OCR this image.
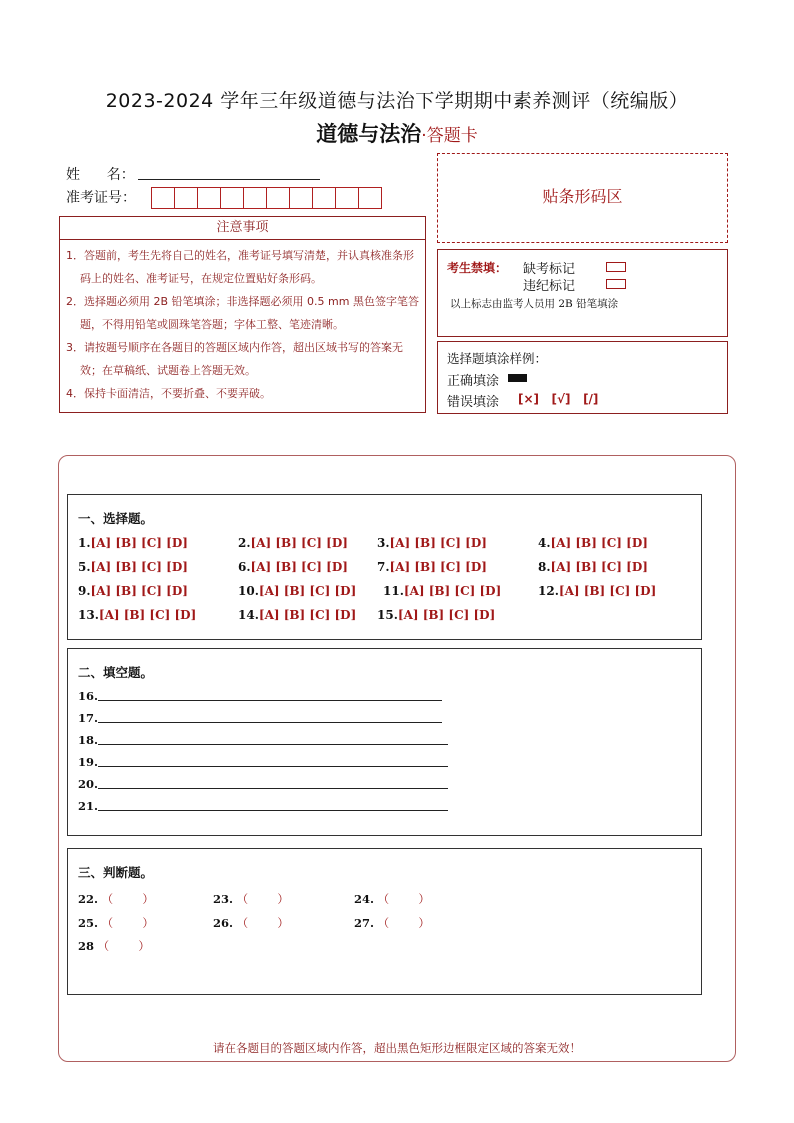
2023-2024 学年三年级道德与法治下学期期中素养测评（统编版）
道德与法治·答题卡
姓      名：
准考证号：
注意事项
1．答题前，考生先将自己的姓名，准考证号填写清楚，并认真核准条形码上的姓名、准考证号，在规定位置贴好条形码。
2．选择题必须用 2B 铅笔填涂；非选择题必须用 0.5 mm 黑色签字笔答题，不得用铅笔或圆珠笔答题；字体工整、笔迹清晰。
3．请按题号顺序在各题目的答题区域内作答，超出区域书写的答案无效；在草稿纸、试题卷上答题无效。
4．保持卡面清洁，不要折叠、不要弄破。
贴条形码区
考生禁填： 缺考标记
违纪标记
以上标志由监考人员用 2B 铅笔填涂
选择题填涂样例：
正确填涂
错误填涂 [×]   [√]   [/]
一、选择题。
1.[A] [B] [C] [D]	2.[A] [B] [C] [D] 3.[A] [B] [C] [D]	4.[A] [B] [C] [D]
5.[A] [B] [C] [D]	6.[A] [B] [C] [D] 7.[A] [B] [C] [D]	8.[A] [B] [C] [D]
9.[A] [B] [C] [D]	10.[A] [B] [C] [D] 11.[A] [B] [C] [D]	12.[A] [B] [C] [D]
13.[A] [B] [C] [D]	14.[A] [B] [C] [D] 15.[A] [B] [C] [D]
二、填空题。
16.
17.
18.
19.
20.
21.
三、判断题。
22. （        ）	23. （        ）	24. （        ）
25. （        ）	26. （        ）	27. （        ）
28 （        ）
请在各题目的答题区域内作答，超出黑色矩形边框限定区域的答案无效！
